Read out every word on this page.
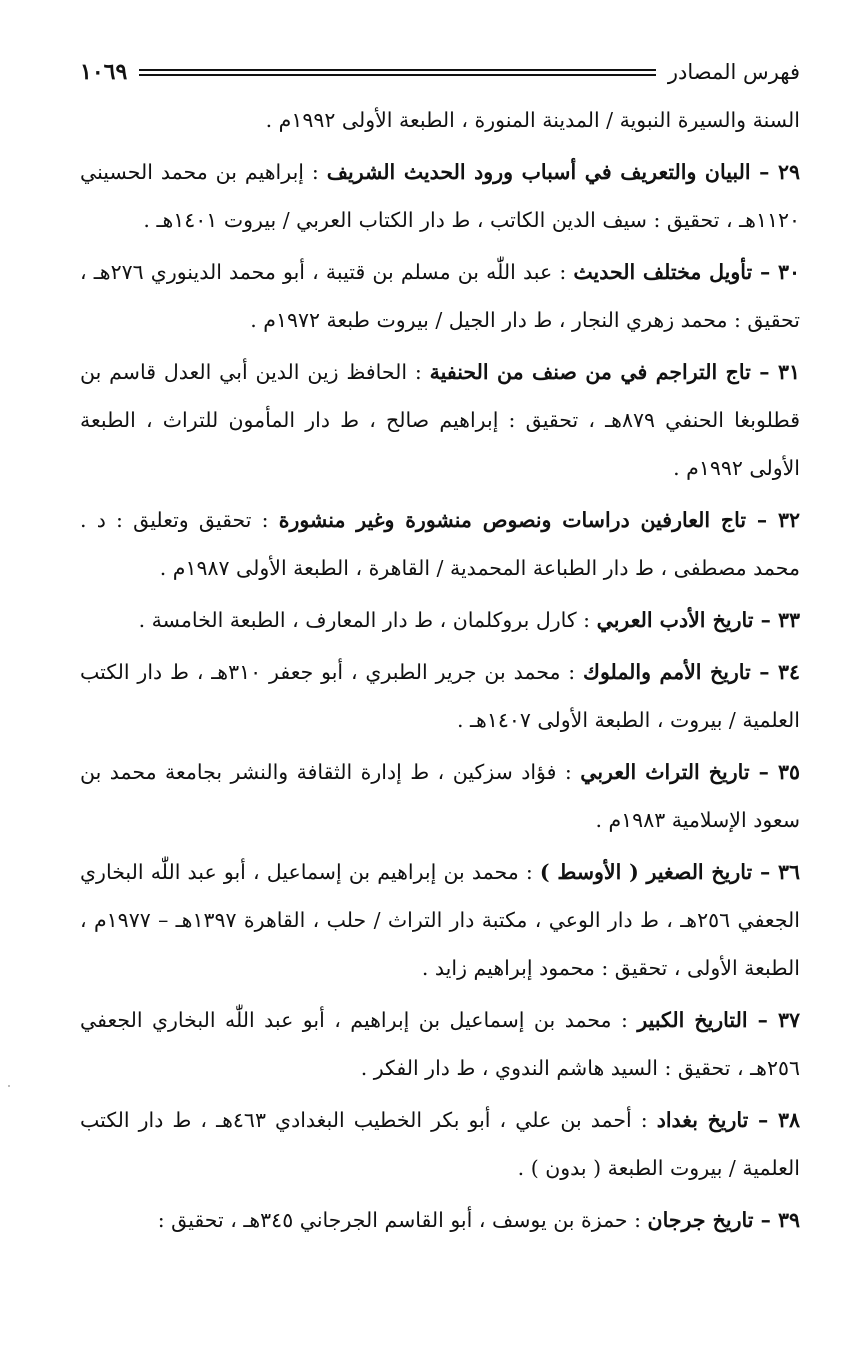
فهرس المصادر
١٠٦٩

السنة والسيرة النبوية / المدينة المنورة ، الطبعة الأولى ١٩٩٢م .

٢٩ – البيان والتعريف في أسباب ورود الحديث الشريف : إبراهيم بن محمد الحسيني ١١٢٠هـ ، تحقيق : سيف الدين الكاتب ، ط دار الكتاب العربي / بيروت ١٤٠١هـ .

٣٠ – تأويل مختلف الحديث : عبد اللّٰه بن مسلم بن قتيبة ، أبو محمد الدينوري ٢٧٦هـ ، تحقيق : محمد زهري النجار ، ط دار الجيل / بيروت طبعة ١٩٧٢م .

٣١ – تاج التراجم في من صنف من الحنفية : الحافظ زين الدين أبي العدل قاسم بن قطلوبغا الحنفي ٨٧٩هـ ، تحقيق : إبراهيم صالح ، ط دار المأمون للتراث ، الطبعة الأولى ١٩٩٢م .

٣٢ – تاج العارفين دراسات ونصوص منشورة وغير منشورة : تحقيق وتعليق : د . محمد مصطفى ، ط دار الطباعة المحمدية / القاهرة ، الطبعة الأولى ١٩٨٧م .

٣٣ – تاريخ الأدب العربي : كارل بروكلمان ، ط دار المعارف ، الطبعة الخامسة .

٣٤ – تاريخ الأمم والملوك : محمد بن جرير الطبري ، أبو جعفر ٣١٠هـ ، ط دار الكتب العلمية / بيروت ، الطبعة الأولى ١٤٠٧هـ .

٣٥ – تاريخ التراث العربي : فؤاد سزكين ، ط إدارة الثقافة والنشر بجامعة محمد بن سعود الإسلامية ١٩٨٣م .

٣٦ – تاريخ الصغير ( الأوسط ) : محمد بن إبراهيم بن إسماعيل ، أبو عبد اللّٰه البخاري الجعفي ٢٥٦هـ ، ط دار الوعي ، مكتبة دار التراث / حلب ، القاهرة ١٣٩٧هـ – ١٩٧٧م ، الطبعة الأولى ، تحقيق : محمود إبراهيم زايد .

٣٧ – التاريخ الكبير : محمد بن إسماعيل بن إبراهيم ، أبو عبد اللّٰه البخاري الجعفي ٢٥٦هـ ، تحقيق : السيد هاشم الندوي ، ط دار الفكر .

٣٨ – تاريخ بغداد : أحمد بن علي ، أبو بكر الخطيب البغدادي ٤٦٣هـ ، ط دار الكتب العلمية / بيروت الطبعة ( بدون ) .

٣٩ – تاريخ جرجان : حمزة بن يوسف ، أبو القاسم الجرجاني ٣٤٥هـ ، تحقيق :
